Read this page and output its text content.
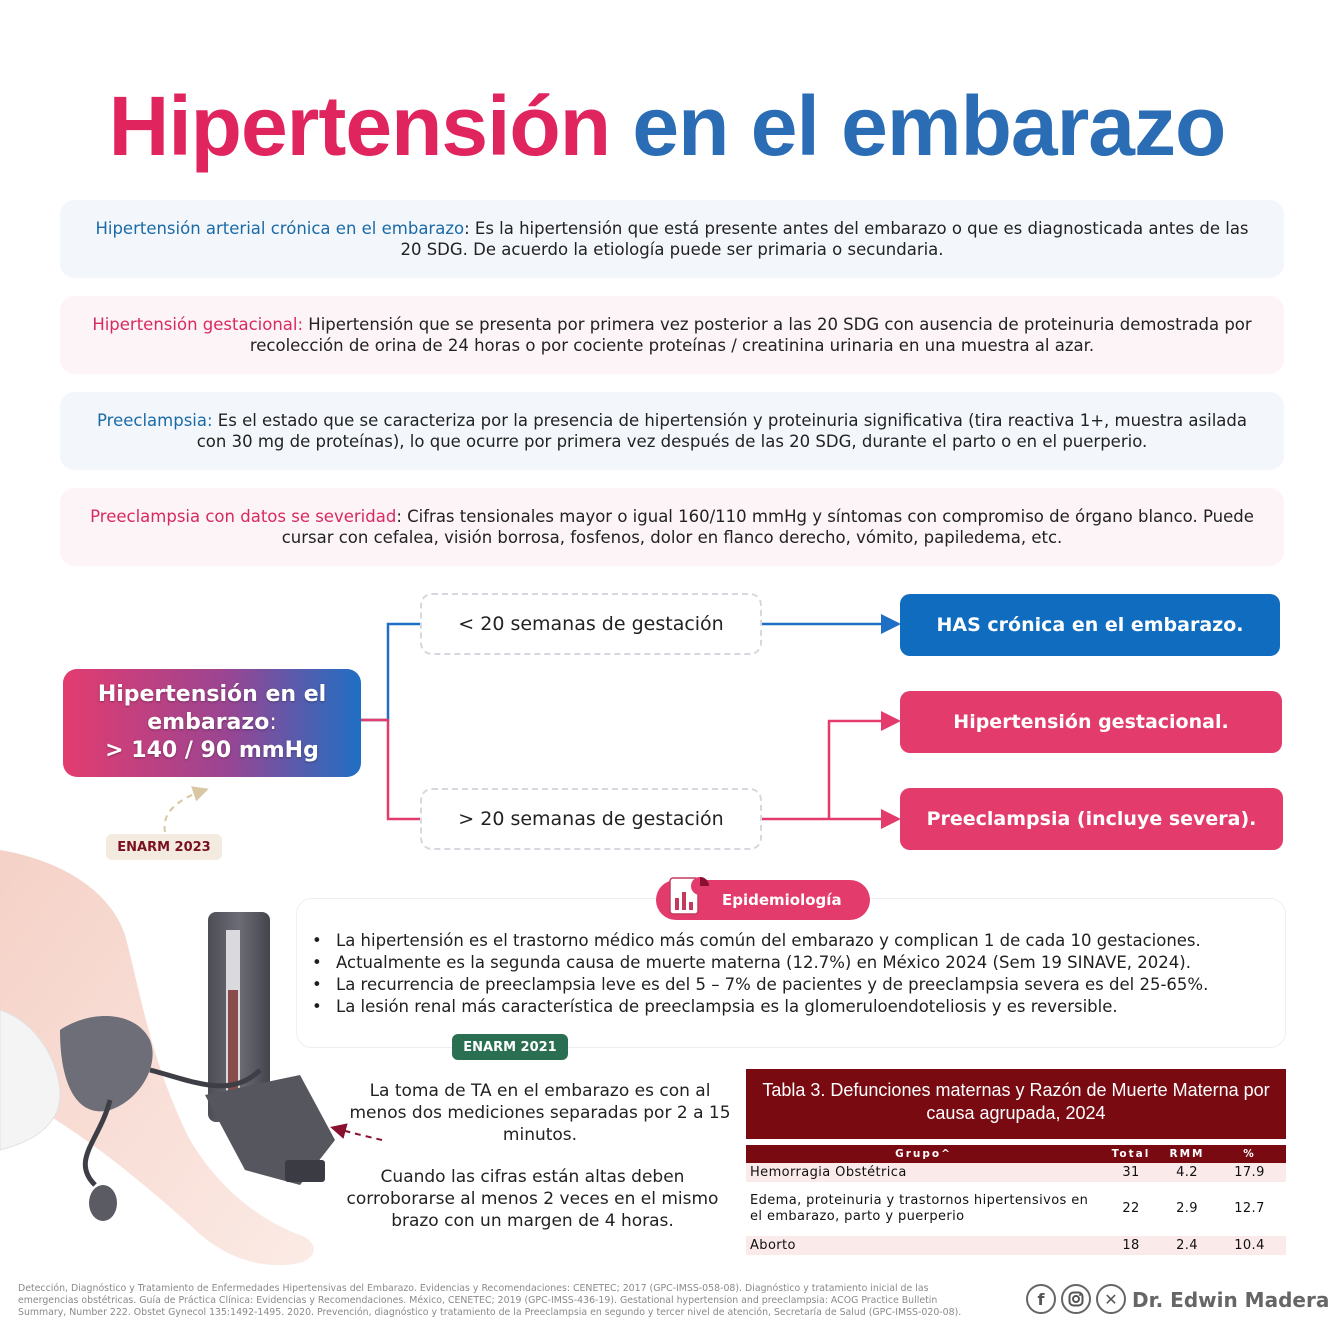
Hipertensión en el embarazo

Hipertensión arterial crónica en el embarazo: Es la hipertensión que está presente antes del embarazo o que es diagnosticada antes de las 20 SDG. De acuerdo la etiología puede ser primaria o secundaria.

Hipertensión gestacional: Hipertensión que se presenta por primera vez posterior a las 20 SDG con ausencia de proteinuria demostrada por recolección de orina de 24 horas o por cociente proteínas / creatinina urinaria en una muestra al azar.

Preeclampsia: Es el estado que se caracteriza por la presencia de hipertensión y proteinuria significativa (tira reactiva 1+, muestra asilada con 30 mg de proteínas), lo que ocurre por primera vez después de las 20 SDG, durante el parto o en el puerperio.

Preeclampsia con datos se severidad: Cifras tensionales mayor o igual 160/110 mmHg y síntomas con compromiso de órgano blanco. Puede cursar con cefalea, visión borrosa, fosfenos, dolor en flanco derecho, vómito, papiledema, etc.

Hipertensión en el
embarazo:
> 140 / 90 mmHg
< 20 semanas de gestación
> 20 semanas de gestación
HAS crónica en el embarazo.
Hipertensión gestacional.
Preeclampsia (incluye severa).
ENARM 2023
Epidemiología
• La hipertensión es el trastorno médico más común del embarazo y complican 1 de cada 10 gestaciones.
• Actualmente es la segunda causa de muerte materna (12.7%) en México 2024 (Sem 19 SINAVE, 2024).
• La recurrencia de preeclampsia leve es del 5 – 7% de pacientes y de preeclampsia severa es del 25-65%.
• La lesión renal más característica de preeclampsia es la glomeruloendoteliosis y es reversible.
ENARM 2021
La toma de TA en el embarazo es con al menos dos mediciones separadas por 2 a 15 minutos.
Cuando las cifras están altas deben corroborarse al menos 2 veces en el mismo brazo con un margen de 4 horas.
Tabla 3. Defunciones maternas y Razón de Muerte Materna por causa agrupada, 2024
Grupo^	Total	RMM	%
Hemorragia Obstétrica	31	4.2	17.9
Edema, proteinuria y trastornos hipertensivos en el embarazo, parto y puerperio	22	2.9	12.7
Aborto	18	2.4	10.4
Detección, Diagnóstico y Tratamiento de Enfermedades Hipertensivas del Embarazo. Evidencias y Recomendaciones: CENETEC; 2017 (GPC-IMSS-058-08). Diagnóstico y tratamiento inicial de las emergencias obstétricas. Guía de Práctica Clínica: Evidencias y Recomendaciones. México, CENETEC; 2019 (GPC-IMSS-436-19). Gestational hypertension and preeclampsia: ACOG Practice Bulletin Summary, Number 222. Obstet Gynecol 135:1492-1495. 2020. Prevención, diagnóstico y tratamiento de la Preeclampsia en segundo y tercer nivel de atención, Secretaría de Salud (GPC-IMSS-020-08).
f	✕ Dr. Edwin Madera
